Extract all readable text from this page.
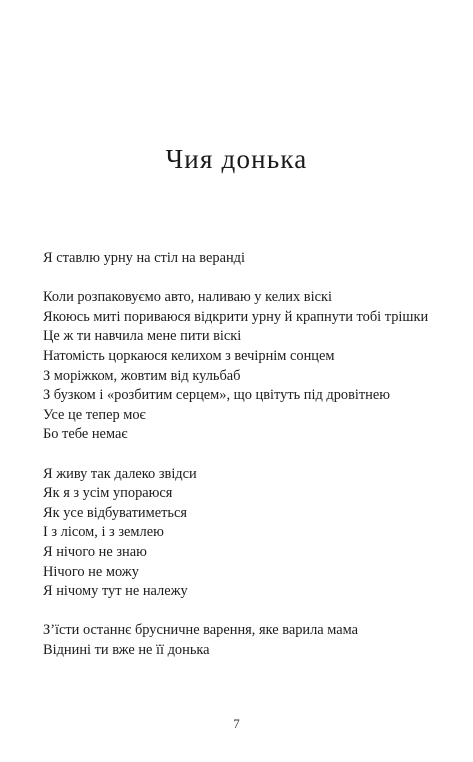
Чия донька

Я ставлю урну на стіл на веранді

Коли розпаковуємо авто, наливаю у келих віскі
Якоюсь миті пориваюся відкрити урну й крапнути тобі трішки
Це ж ти навчила мене пити віскі
Натомість цоркаюся келихом з вечірнім сонцем
З моріжком, жовтим від кульбаб
З бузком і «розбитим серцем», що цвітуть під дровітнею
Усе це тепер моє
Бо тебе немає

Я живу так далеко звідси
Як я з усім упораюся
Як усе відбуватиметься
І з лісом, і з землею
Я нічого не знаю
Нічого не можу
Я нічому тут не належу

З’їсти останнє брусничне варення, яке варила мама
Віднині ти вже не її донька

7
